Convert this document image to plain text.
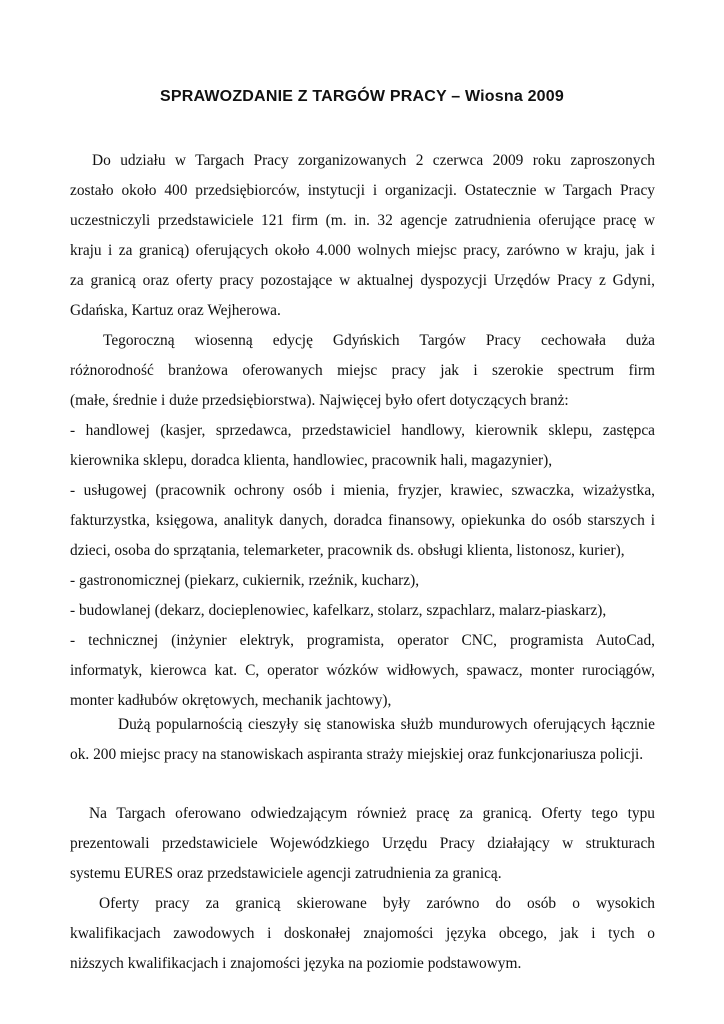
SPRAWOZDANIE Z TARGÓW PRACY – Wiosna 2009
Do udziału w Targach Pracy zorganizowanych 2 czerwca 2009 roku zaproszonych
zostało około 400 przedsiębiorców, instytucji i organizacji. Ostatecznie w Targach Pracy
uczestniczyli przedstawiciele 121 firm (m. in. 32 agencje zatrudnienia oferujące pracę w
kraju i za granicą) oferujących około 4.000 wolnych miejsc pracy, zarówno w kraju, jak i
za granicą oraz oferty pracy pozostające w aktualnej dyspozycji Urzędów Pracy z Gdyni,
Gdańska, Kartuz oraz Wejherowa.
Tegoroczną wiosenną edycję Gdyńskich Targów Pracy cechowała duża
różnorodność branżowa oferowanych miejsc pracy jak i szerokie spectrum firm
(małe, średnie i duże przedsiębiorstwa). Najwięcej było ofert dotyczących branż:
- handlowej (kasjer, sprzedawca, przedstawiciel handlowy, kierownik sklepu, zastępca
kierownika sklepu, doradca klienta, handlowiec, pracownik hali, magazynier),
- usługowej (pracownik ochrony osób i mienia, fryzjer, krawiec, szwaczka, wizażystka,
fakturzystka, księgowa, analityk danych, doradca finansowy, opiekunka do osób starszych i
dzieci, osoba do sprzątania, telemarketer, pracownik ds. obsługi klienta, listonosz, kurier),
- gastronomicznej (piekarz, cukiernik, rzeźnik, kucharz),
- budowlanej (dekarz, docieplenowiec, kafelkarz, stolarz, szpachlarz, malarz-piaskarz),
- technicznej (inżynier elektryk, programista, operator CNC, programista AutoCad,
informatyk, kierowca kat. C, operator wózków widłowych, spawacz, monter rurociągów,
monter kadłubów okrętowych, mechanik jachtowy),
Dużą popularnością cieszyły się stanowiska służb mundurowych oferujących łącznie
ok. 200 miejsc pracy na stanowiskach aspiranta straży miejskiej oraz funkcjonariusza policji.
Na Targach oferowano odwiedzającym również pracę za granicą. Oferty tego typu
prezentowali przedstawiciele Wojewódzkiego Urzędu Pracy działający w strukturach
systemu EURES oraz przedstawiciele agencji zatrudnienia za granicą.
Oferty pracy za granicą skierowane były zarówno do osób o wysokich
kwalifikacjach zawodowych i doskonałej znajomości języka obcego, jak i tych o
niższych kwalifikacjach i znajomości języka na poziomie podstawowym.
